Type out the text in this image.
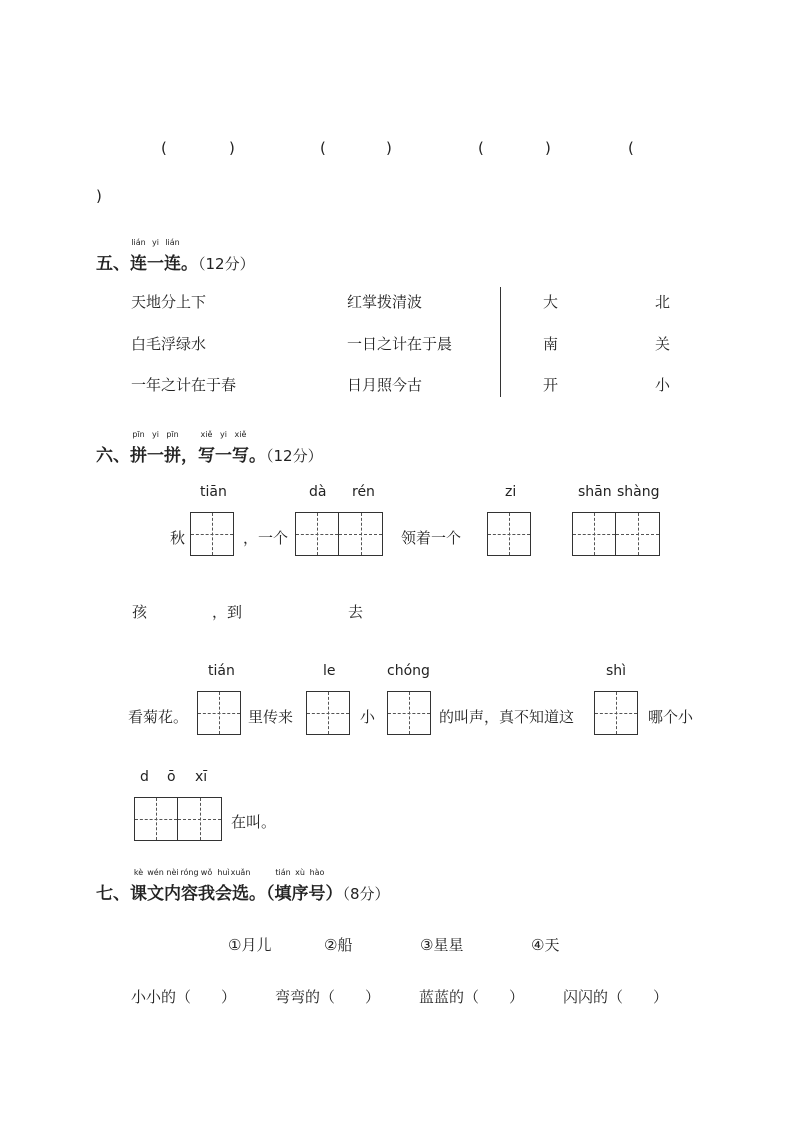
(	)	(	)	(	)	(
)
五、
lián
连
yi
一
lián
连。（12分）
天地分上下	红掌拨清波	大	北
白毛浮绿水	一日之计在于晨	南	关
一年之计在于春	日月照今古	开	小
六、
pīn
拼
yi
一
pīn
拼
，
xiě
写
yi
一
xiě
写。（12分）
tiān	dà rén	zi	shān shàng
秋	，一个	领着一个
孩	，到	去
tián	le	chóng	shì
看菊花。	里传来	小	的叫声，真不知道这	哪个小
d ō xī
在叫。
七、
kè
课
wén
文
nèi
内
róng
容
wǒ
我
huì
会
xuǎn
选。（
tián
填
xù
序
hào
号）（8分）
①月儿	②船	③星星	④天
小小的（　　）	弯弯的（　　）	蓝蓝的（　　）	闪闪的（　　）
